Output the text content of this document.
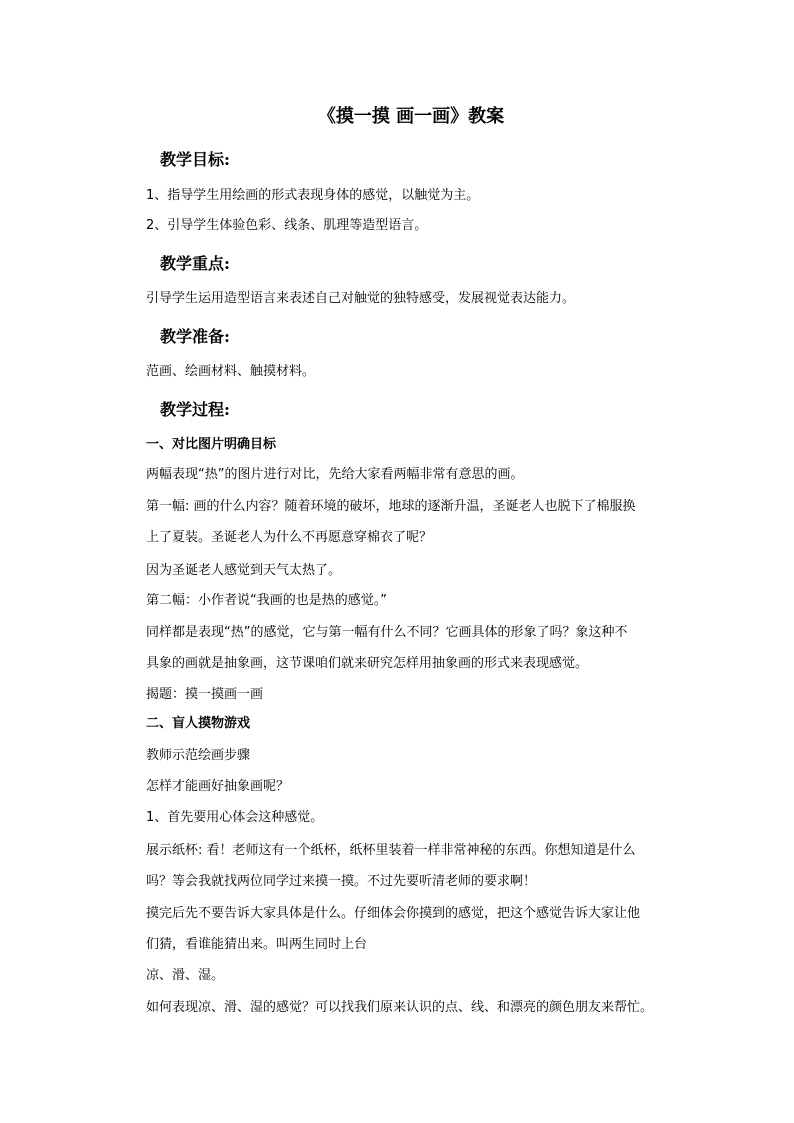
《摸一摸 画一画》教案
教学目标:
1、指导学生用绘画的形式表现身体的感觉，以触觉为主。
2、引导学生体验色彩、线条、肌理等造型语言。
教学重点:
引导学生运用造型语言来表述自己对触觉的独特感受，发展视觉表达能力。
教学准备:
范画、绘画材料、触摸材料。
教学过程:
一、对比图片明确目标
两幅表现“热”的图片进行对比，先给大家看两幅非常有意思的画。
第一幅: 画的什么内容？随着环境的破坏，地球的逐渐升温，圣诞老人也脱下了棉服换
上了夏装。圣诞老人为什么不再愿意穿棉衣了呢？
因为圣诞老人感觉到天气太热了。
第二幅：小作者说“我画的也是热的感觉。”
同样都是表现“热”的感觉，它与第一幅有什么不同？它画具体的形象了吗？象这种不
具象的画就是抽象画，这节课咱们就来研究怎样用抽象画的形式来表现感觉。
揭题：摸一摸画一画
二、盲人摸物游戏
教师示范绘画步骤
怎样才能画好抽象画呢？
1、首先要用心体会这种感觉。
展示纸杯: 看！老师这有一个纸杯，纸杯里装着一样非常神秘的东西。你想知道是什么
吗？等会我就找两位同学过来摸一摸。不过先要听清老师的要求啊！
摸完后先不要告诉大家具体是什么。仔细体会你摸到的感觉，把这个感觉告诉大家让他
们猜，看谁能猜出来。叫两生同时上台
凉、滑、湿。
如何表现凉、滑、湿的感觉？可以找我们原来认识的点、线、和漂亮的颜色朋友来帮忙。
